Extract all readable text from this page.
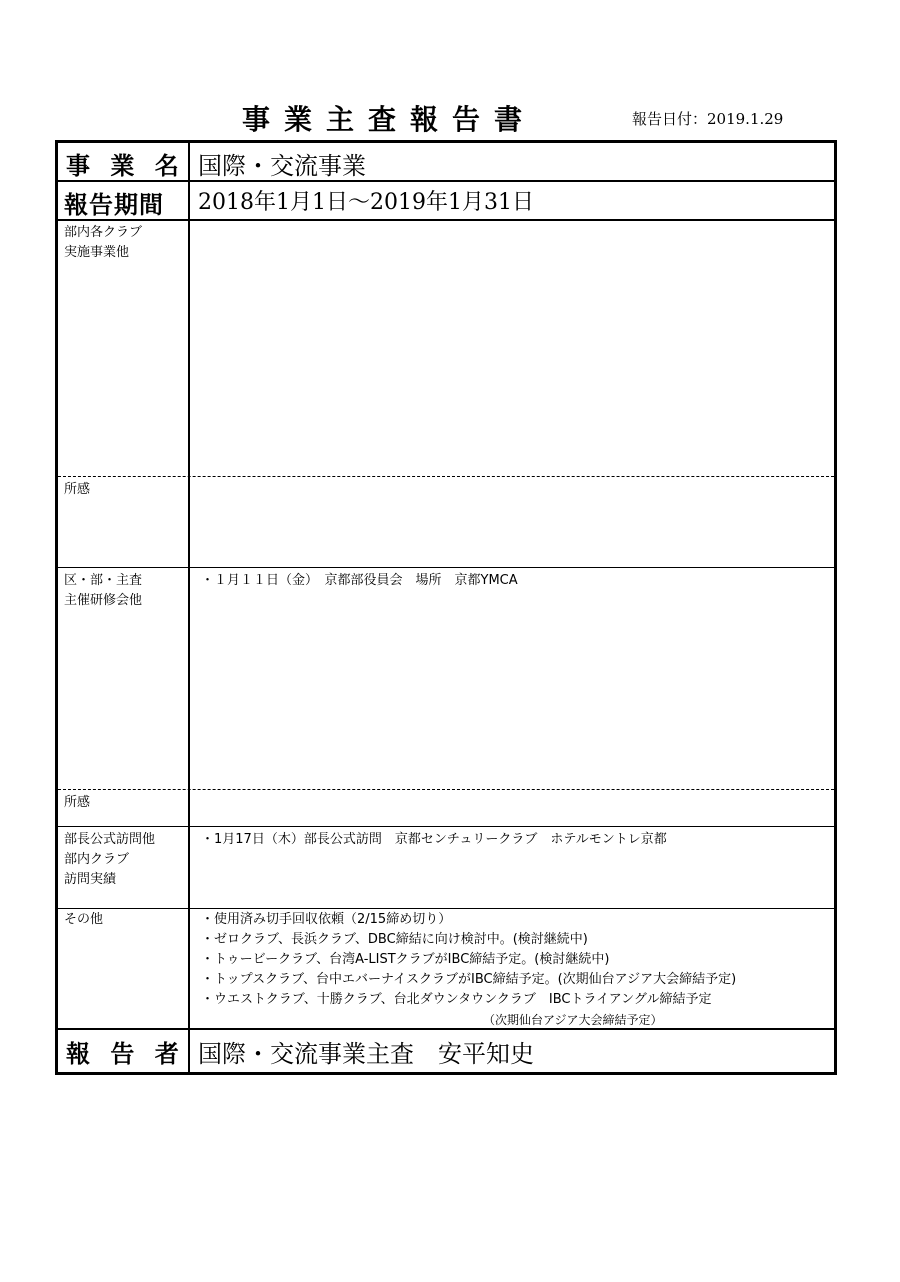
事業主査報告書	報告日付：2019.1.29
事 業 名 国際・交流事業
報告期間 2018年1月1日〜2019年1月31日
部内各クラブ
実施事業他
所感
区・部・主査
主催研修会他
・１月１１日（金）　京都部役員会　場所　京都YMCA
所感
部長公式訪問他
部内クラブ
訪問実績
・1月17日（木）部長公式訪問　京都センチュリークラブ　ホテルモントレ京都
その他	・使用済み切手回収依頼（2/15締め切り）
・ゼロクラブ、長浜クラブ、DBC締結に向け検討中。(検討継続中)
・トゥービークラブ、台湾A-LISTクラブがIBC締結予定。(検討継続中)
・トップスクラブ、台中エバーナイスクラブがIBC締結予定。(次期仙台アジア大会締結予定)
・ウエストクラブ、十勝クラブ、台北ダウンタウンクラブ　IBCトライアングル締結予定
　　　　　　　　　　　　　　　　　　　　　　　　（次期仙台アジア大会締結予定）
報 告 者 国際・交流事業主査　安平知史
